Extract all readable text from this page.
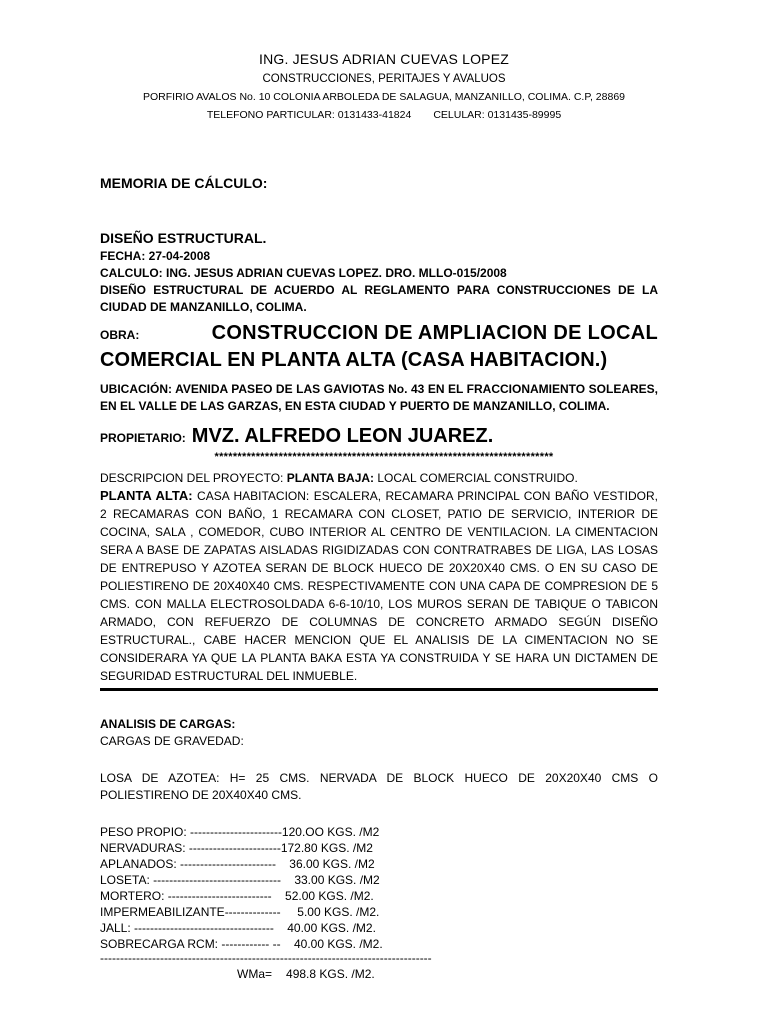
ING. JESUS ADRIAN CUEVAS LOPEZ
CONSTRUCCIONES, PERITAJES Y AVALUOS
PORFIRIO AVALOS No. 10 COLONIA ARBOLEDA DE SALAGUA, MANZANILLO, COLIMA. C.P, 28869
TELEFONO PARTICULAR: 0131433-41824 CELULAR: 0131435-89995
MEMORIA DE CÁLCULO:
DISEÑO ESTRUCTURAL.
FECHA: 27-04-2008
CALCULO: ING. JESUS ADRIAN CUEVAS LOPEZ. DRO. MLLO-015/2008
DISEÑO ESTRUCTURAL DE ACUERDO AL REGLAMENTO PARA CONSTRUCCIONES DE LA CIUDAD DE MANZANILLO, COLIMA.
OBRA:	CONSTRUCCION DE AMPLIACION DE LOCAL
COMERCIAL EN PLANTA ALTA (CASA HABITACION.)
UBICACIÓN: AVENIDA PASEO DE LAS GAVIOTAS No. 43 EN EL FRACCIONAMIENTO SOLEARES, EN EL VALLE DE LAS GARZAS, EN ESTA CIUDAD Y PUERTO DE MANZANILLO, COLIMA.
PROPIETARIO: MVZ. ALFREDO LEON JUAREZ.
**************************************************************************
DESCRIPCION DEL PROYECTO: PLANTA BAJA: LOCAL COMERCIAL CONSTRUIDO.
PLANTA ALTA: CASA HABITACION: ESCALERA, RECAMARA PRINCIPAL CON BAÑO VESTIDOR, 2 RECAMARAS CON BAÑO, 1 RECAMARA CON CLOSET, PATIO DE SERVICIO, INTERIOR DE COCINA, SALA , COMEDOR, CUBO INTERIOR AL CENTRO DE VENTILACION. LA CIMENTACION SERA A BASE DE ZAPATAS AISLADAS RIGIDIZADAS CON CONTRATRABES DE LIGA, LAS LOSAS DE ENTREPUSO Y AZOTEA SERAN DE BLOCK HUECO DE 20X20X40 CMS. O EN SU CASO DE POLIESTIRENO DE 20X40X40 CMS. RESPECTIVAMENTE CON UNA CAPA DE COMPRESION DE 5 CMS. CON MALLA ELECTROSOLDADA 6-6-10/10, LOS MUROS SERAN DE TABIQUE O TABICON ARMADO, CON REFUERZO DE COLUMNAS DE CONCRETO ARMADO SEGÚN DISEÑO ESTRUCTURAL., CABE HACER MENCION QUE EL ANALISIS DE LA CIMENTACION NO SE CONSIDERARA YA QUE LA PLANTA BAKA ESTA YA CONSTRUIDA Y SE HARA UN DICTAMEN DE SEGURIDAD ESTRUCTURAL DEL INMUEBLE.
ANALISIS DE CARGAS:
CARGAS DE GRAVEDAD:
LOSA DE AZOTEA: H= 25 CMS. NERVADA DE BLOCK HUECO DE 20X20X40 CMS O POLIESTIRENO DE 20X40X40 CMS.
PESO PROPIO: -----------------------120.OO KGS. /M2
NERVADURAS: -----------------------172.80 KGS. /M2
APLANADOS: ------------------------    36.00 KGS. /M2
LOSETA: --------------------------------    33.00 KGS. /M2
MORTERO: --------------------------    52.00 KGS. /M2.
IMPERMEABILIZANTE--------------     5.00 KGS. /M2.
JALL: -----------------------------------    40.00 KGS. /M2.
SOBRECARGA RCM: ------------ --    40.00 KGS. /M2.
-----------------------------------------------------------------------------------
WMa= 498.8 KGS. /M2.
